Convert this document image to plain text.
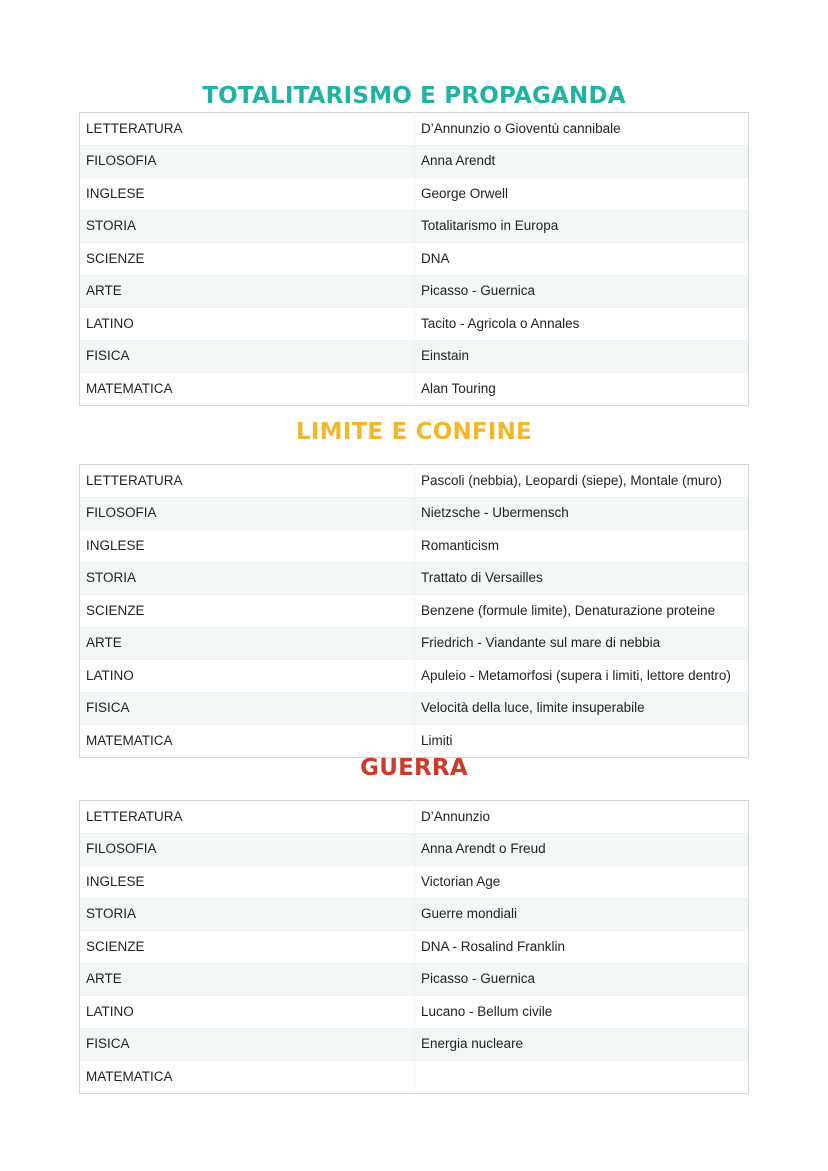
TOTALITARISMO E PROPAGANDA
LETTERATURA	D’Annunzio o Gioventù cannibale
FILOSOFIA	Anna Arendt
INGLESE	George Orwell
STORIA	Totalitarismo in Europa
SCIENZE	DNA
ARTE	Picasso - Guernica
LATINO	Tacito - Agricola o Annales
FISICA	Einstain
MATEMATICA	Alan Touring
LIMITE E CONFINE
LETTERATURA	Pascoli (nebbia), Leopardi (siepe), Montale (muro)
FILOSOFIA	Nietzsche - Ubermensch
INGLESE	Romanticism
STORIA	Trattato di Versailles
SCIENZE	Benzene (formule limite), Denaturazione proteine
ARTE	Friedrich - Viandante sul mare di nebbia
LATINO	Apuleio - Metamorfosi (supera i limiti, lettore dentro)
FISICA	Velocità della luce, limite insuperabile
MATEMATICA	Limiti
GUERRA
LETTERATURA	D’Annunzio
FILOSOFIA	Anna Arendt o Freud
INGLESE	Victorian Age
STORIA	Guerre mondiali
SCIENZE	DNA - Rosalind Franklin
ARTE	Picasso - Guernica
LATINO	Lucano - Bellum civile
FISICA	Energia nucleare
MATEMATICA	
